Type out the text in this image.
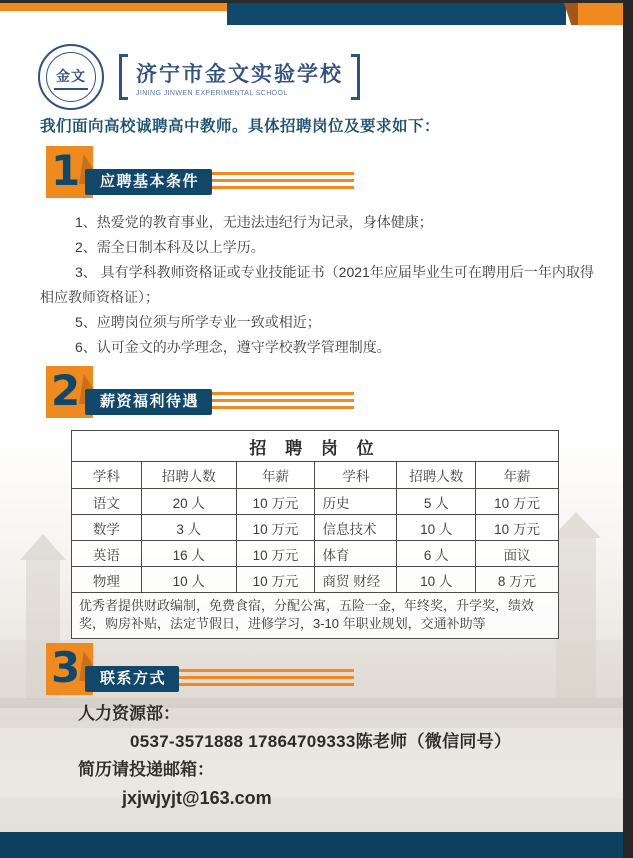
金文 济宁市金文实验学校
JINING JINWEN EXPERIMENTAL SCHOOL

我们面向高校诚聘高中教师。具体招聘岗位及要求如下：

1	应聘基本条件

1、热爱党的教育事业，无违法违纪行为记录，身体健康；

2、需全日制本科及以上学历。

3、 具有学科教师资格证或专业技能证书（2021年应届毕业生可在聘用后一年内取得相应教师资格证）；

5、应聘岗位须与所学专业一致或相近；

6、认可金文的办学理念，遵守学校教学管理制度。

2	薪资福利待遇
招 聘 岗 位					
学科	招聘人数	年薪	学科	招聘人数	年薪
语文	20 人	10 万元	历史	5 人	10 万元
数学	3 人	10 万元	信息技术	10 人	10 万元
英语	16 人	10 万元	体育	6 人	面议
物理	10 人	10 万元	商贸 财经	10 人	8 万元
优秀者提供财政编制，免费食宿，分配公寓，五险一金，年终奖，升学奖，绩效奖，购房补贴，法定节假日，进修学习，3-10 年职业规划，交通补助等					
3	联系方式
人力资源部：
0537-3571888 17864709333陈老师（微信同号）
简历请投递邮箱：
jxjwjyjt@163.com
